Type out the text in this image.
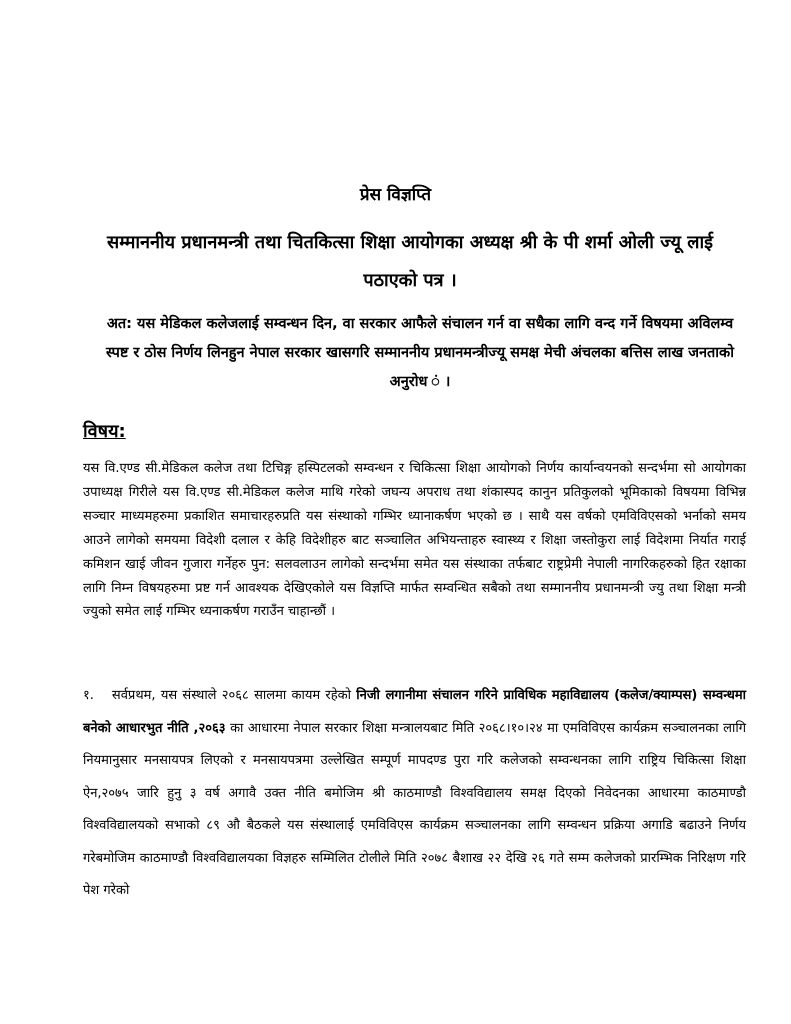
प्रेस विज्ञप्ति
सम्माननीय प्रधानमन्त्री तथा चितकित्सा शिक्षा आयोगका अध्यक्ष श्री के पी शर्मा ओली ज्यू लाई पठाएको पत्र ।
अत: यस मेडिकल कलेजलाई सम्वन्धन दिन, वा सरकार आफैले संचालन गर्न वा सधैका लागि वन्द गर्ने विषयमा अविलम्व स्पष्ट र ठोस निर्णय लिनहुन नेपाल सरकार खासगरि सम्माननीय प्रधानमन्त्रीज्यू समक्ष मेची अंचलका बत्तिस लाख जनताको अनुरोध ं ।
विषय:
यस वि.एण्ड सी.मेडिकल कलेज तथा टिचिङ्ग हस्पिटलको सम्वन्धन र चिकित्सा शिक्षा आयोगको निर्णय कार्यान्वयनको सन्दर्भमा सो आयोगका उपाध्यक्ष गिरीले यस वि.एण्ड सी.मेडिकल कलेज माथि गरेको जघन्य अपराध तथा शंकास्पद कानुन प्रतिकुलको भूमिकाको विषयमा विभिन्न सञ्चार माध्यमहरुमा प्रकाशित समाचारहरुप्रति यस संस्थाको गम्भिर ध्यानाकर्षण भएको छ । साथै यस वर्षको एमविविएसको भर्नाको समय आउने लागेको समयमा विदेशी दलाल र केहि विदेशीहरु बाट सञ्चालित अभियन्ताहरु स्वास्थ्य र शिक्षा जस्तोकुरा लाई विदेशमा निर्यात गराई कमिशन खाई जीवन गुजारा गर्नेहरु पुन: सलवलाउन लागेको सन्दर्भमा समेत यस संस्थाका तर्फबाट राष्ट्रप्रेमी नेपाली नागरिकहरुको हित रक्षाका लागि निम्न विषयहरुमा प्रष्ट गर्न आवश्यक देखिएकोले यस विज्ञप्ति मार्फत सम्वन्धित सबैको तथा सम्माननीय प्रधानमन्त्री ज्यु तथा शिक्षा मन्त्री ज्युको समेत लाई गम्भिर ध्यनाकर्षण गराउँन चाहान्छौं ।
१. सर्वप्रथम, यस संस्थाले २०६८ सालमा कायम रहेको निजी लगानीमा संचालन गरिने प्राविधिक महाविद्यालय (कलेज/क्याम्पस) सम्वन्धमा बनेको आधारभुत नीति ,२०६३ का आधारमा नेपाल सरकार शिक्षा मन्त्रालयबाट मिति २०६८।१०।२४ मा एमविविएस कार्यक्रम सञ्चालनका लागि नियमानुसार मनसायपत्र लिएको र मनसायपत्रमा उल्लेखित सम्पूर्ण मापदण्ड पुरा गरि कलेजको सम्वन्धनका लागि राष्ट्रिय चिकित्सा शिक्षा ऐन,२०७५ जारि हुनु ३ वर्ष अगावै उक्त नीति बमोजिम श्री काठमाण्डौ विश्वविद्यालय समक्ष दिएको निवेदनका आधारमा काठमाण्डौ विश्वविद्यालयको सभाको ८९ औ बैठकले यस संस्थालाई एमविविएस कार्यक्रम सञ्चालनका लागि सम्वन्धन प्रक्रिया अगाडि बढाउने निर्णय गरेबमोजिम काठमाण्डौ विश्वविद्यालयका विज्ञहरु सम्मिलित टोलीले मिति २०७८ बैशाख २२ देखि २६ गते सम्म कलेजको प्रारम्भिक निरिक्षण गरि पेश गरेको
